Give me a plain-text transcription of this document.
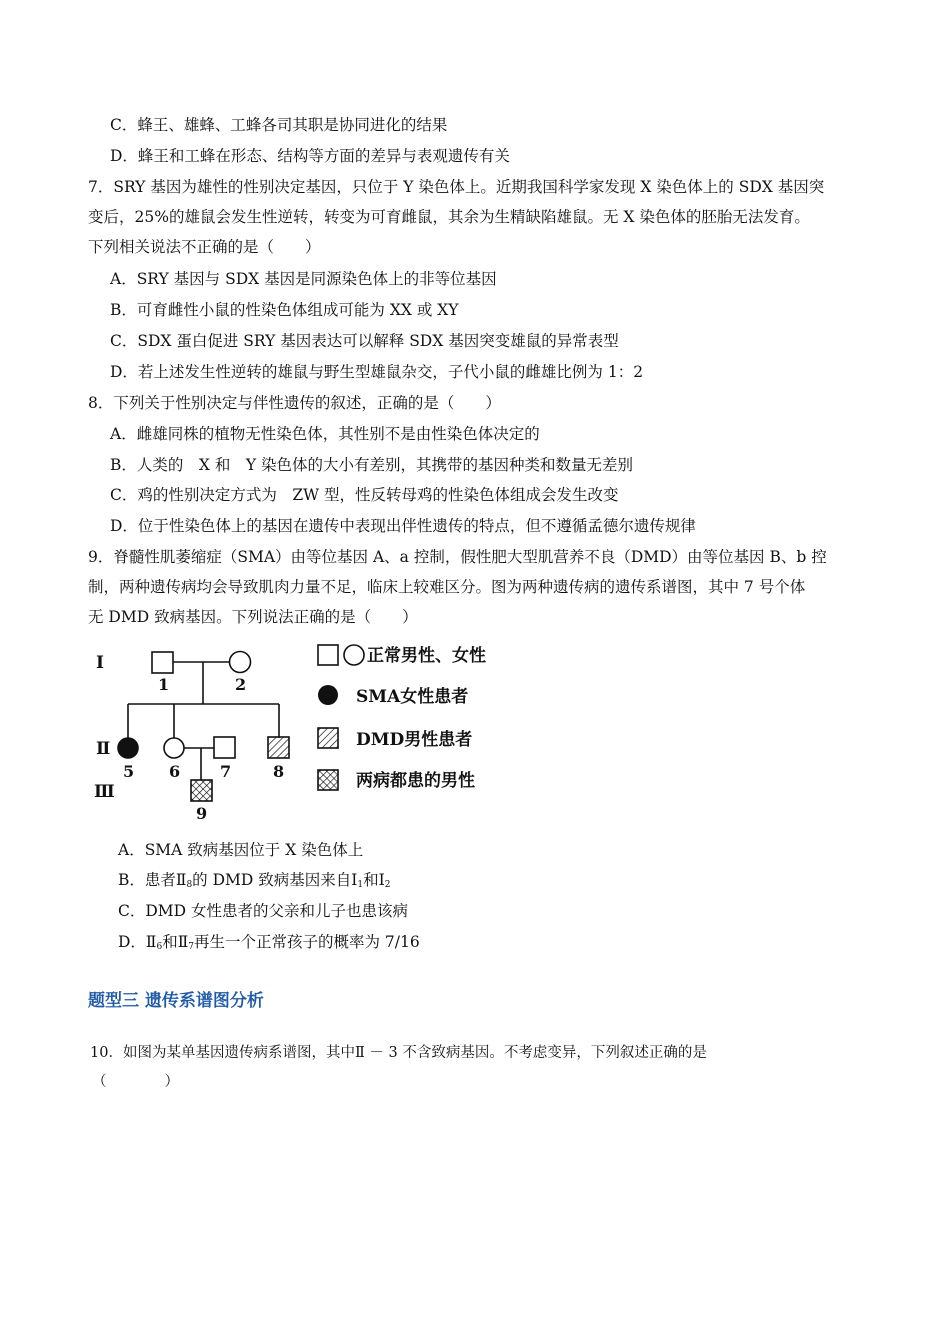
C．蜂王、雄蜂、工蜂各司其职是协同进化的结果
D．蜂王和工蜂在形态、结构等方面的差异与表观遗传有关
7．SRY 基因为雄性的性别决定基因，只位于 Y 染色体上。近期我国科学家发现 X 染色体上的 SDX 基因突
变后，25%的雄鼠会发生性逆转，转变为可育雌鼠，其余为生精缺陷雄鼠。无 X 染色体的胚胎无法发育。
下列相关说法不正确的是（　　）
A．SRY 基因与 SDX 基因是同源染色体上的非等位基因
B．可育雌性小鼠的性染色体组成可能为 XX 或 XY
C．SDX 蛋白促进 SRY 基因表达可以解释 SDX 基因突变雄鼠的异常表型
D．若上述发生性逆转的雄鼠与野生型雄鼠杂交，子代小鼠的雌雄比例为 1：2
8．下列关于性别决定与伴性遗传的叙述，正确的是（　　）
A．雌雄同株的植物无性染色体，其性别不是由性染色体决定的
B．人类的　X 和　Y 染色体的大小有差别，其携带的基因种类和数量无差别
C．鸡的性别决定方式为　ZW 型，性反转母鸡的性染色体组成会发生改变
D．位于性染色体上的基因在遗传中表现出伴性遗传的特点，但不遵循孟德尔遗传规律
9．脊髓性肌萎缩症（SMA）由等位基因 A、a 控制，假性肥大型肌营养不良（DMD）由等位基因 B、b 控
制，两种遗传病均会导致肌肉力量不足，临床上较难区分。图为两种遗传病的遗传系谱图，其中 7 号个体
无 DMD 致病基因。下列说法正确的是（　　）
Ⅰ
Ⅱ
Ⅲ
1	2
5 6 7	8
9
正常男性、女性
SMA女性患者
DMD男性患者
两病都患的男性
A．SMA 致病基因位于 X 染色体上
B．患者$Ⅱ_8$的 DMD 致病基因来自$Ⅰ_1$和$Ⅰ_2$
C．DMD 女性患者的父亲和儿子也患该病
D．$Ⅱ_6$和$Ⅱ_7$再生一个正常孩子的概率为 7/16
题型三 遗传系谱图分析
10．如图为某单基因遗传病系谱图，其中Ⅱ － 3 不含致病基因。不考虑变异，下列叙述正确的是
（　　　　）
